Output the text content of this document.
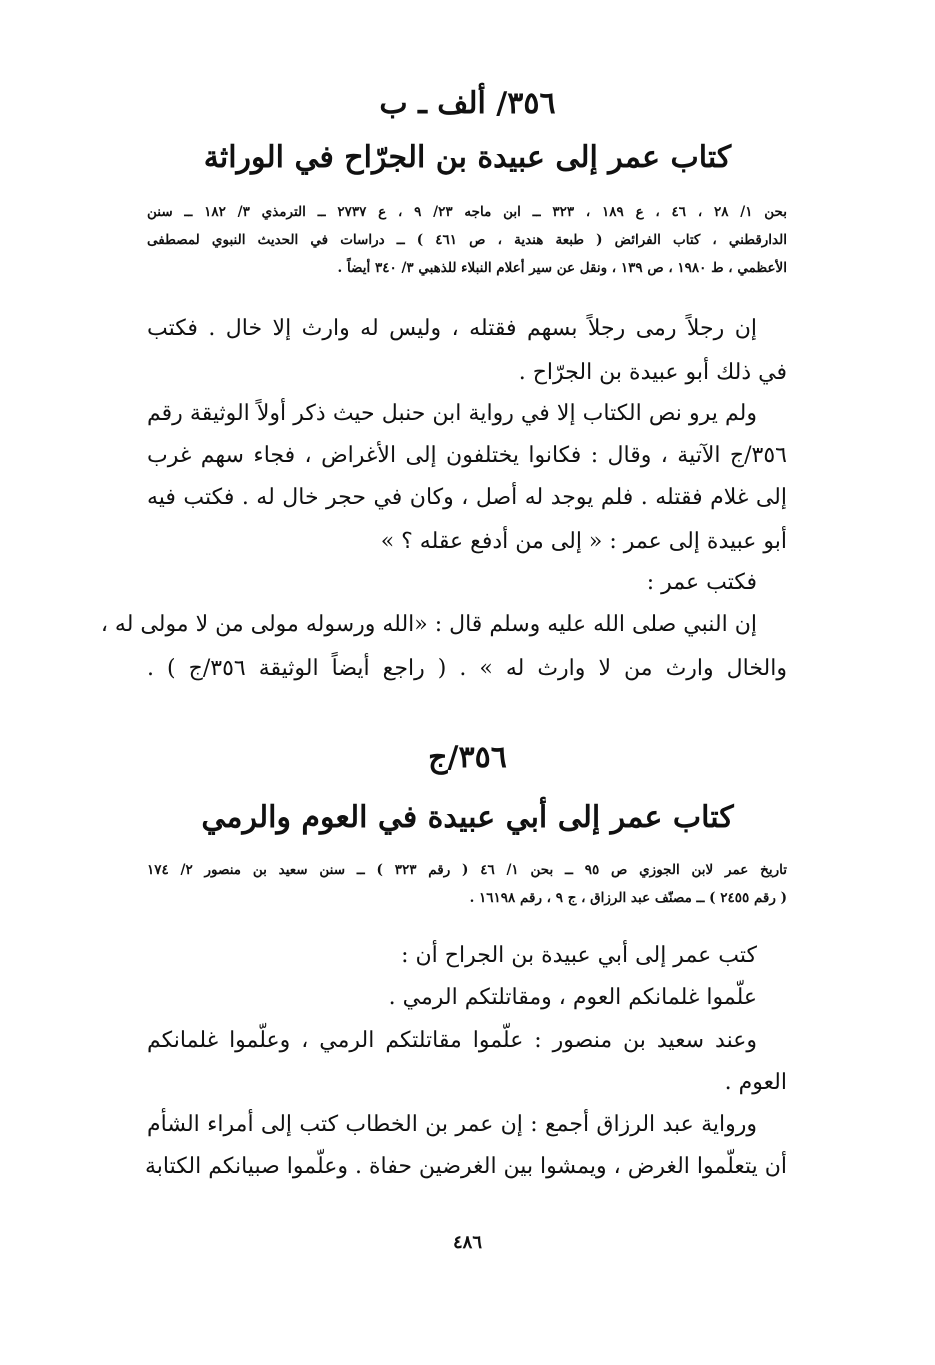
٣٥٦/ ألف ـ ب
كتاب عمر إلى عبيدة بن الجرّاح في الوراثة
بحن ١/ ٢٨ ، ٤٦ ، ع ١٨٩ ، ٣٢٣ ــ ابن ماجه ٢٣/ ٩ ، ع ٢٧٣٧ ــ الترمذي ٣/ ١٨٢ ــ سنن
الدارقطني ، كتاب الفرائض ( طبعة هندية ، ص ٤٦١ ) ــ دراسات في الحديث النبوي لمصطفى
الأعظمي ، ط ١٩٨٠ ، ص ١٣٩ ، ونقل عن سير أعلام النبلاء للذهبي ٣/ ٣٤٠ أيضاً .
إن رجلاً رمى رجلاً بسهم فقتله ، وليس له وارث إلا خال . فكتب
في ذلك أبو عبيدة بن الجرّاح .
ولم يرو نص الكتاب إلا في رواية ابن حنبل حيث ذكر أولاً الوثيقة رقم
٣٥٦/ج الآتية ، وقال : فكانوا يختلفون إلى الأغراض ، فجاء سهم غرب
إلى غلام فقتله . فلم يوجد له أصل ، وكان في حجر خال له . فكتب فيه
أبو عبيدة إلى عمر : « إلى من أدفع عقله ؟ »
فكتب عمر :
إن النبي صلى الله عليه وسلم قال : «الله ورسوله مولى من لا مولى له ،
والخال وارث من لا وارث له » . ( راجع أيضاً الوثيقة ٣٥٦/ج ) .
٣٥٦/ج
كتاب عمر إلى أبي عبيدة في العوم والرمي
تاريخ عمر لابن الجوزي ص ٩٥ ــ بحن ١/ ٤٦ ( رقم ٣٢٣ ) ــ سنن سعيد بن منصور ٢/ ١٧٤
( رقم ٢٤٥٥ ) ــ مصنّف عبد الرزاق ، ج ٩ ، رقم ١٦١٩٨ .
كتب عمر إلى أبي عبيدة بن الجراح أن :
علّموا غلمانكم العوم ، ومقاتلتكم الرمي .
وعند سعيد بن منصور : علّموا مقاتلتكم الرمي ، وعلّموا غلمانكم
العوم .
ورواية عبد الرزاق أجمع : إن عمر بن الخطاب كتب إلى أمراء الشأم
أن يتعلّموا الغرض ، ويمشوا بين الغرضين حفاة . وعلّموا صبيانكم الكتابة
٤٨٦
